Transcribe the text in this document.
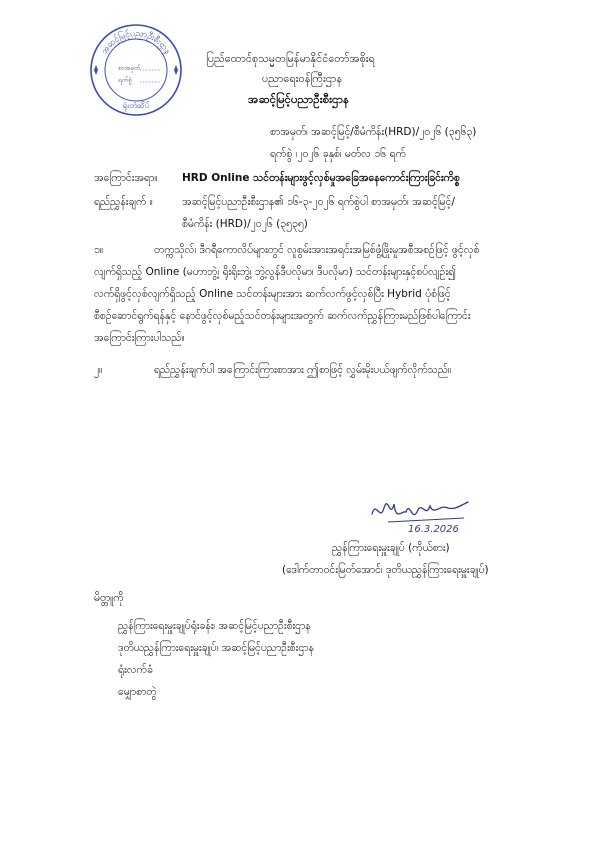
အဆင့်မြင့်ပညာဦးစီးဌာန
စာအမှတ်
ရက်စွဲ
ရုံးတံဆိပ်
ပြည်ထောင်စုသမ္မတမြန်မာနိုင်ငံတော်အစိုးရ
ပညာရေးဝန်ကြီးဌာန
အဆင့်မြင့်ပညာဦးစီးဌာန
စာအမှတ်၊ အဆင့်မြင့်/စီမံကိန်း(HRD)/၂၀၂၆ (၃၅၆၃)
ရက်စွဲ ၊၂၀၂၆ ခုနှစ်၊ မတ်လ ၁၆ ရက်
အကြောင်းအရာ။ HRD Online သင်တန်းများဖွင့်လှစ်မှုအခြေအနေကောင်းကြားခြင်းကိစ္စ
ရည်ညွှန်းချက် ။	အဆင့်မြင့်ပညာဦးစီးဌာန၏ ၁၆-၃-၂၀၂၆ ရက်စွဲပါ စာအမှတ်၊ အဆင့်မြင့်/
စီမံကိန်း (HRD)/၂၀၂၆ (၃၅၃၅)
၁။	တက္ကသိုလ်၊ ဒီဂရီကောလိပ်များတွင် လူစွမ်းအားအရင်းအမြစ်ဖွံ့ဖြိုးမှုအစီအစဉ်ဖြင့် ဖွင့်လှစ်
လျက်ရှိသည့် Online (မဟာဘွဲ့၊ ရိုးရိုးဘွဲ့၊ ဘွဲ့လွန်ဒီပလိုမာ၊ ဒီပလိုမာ) သင်တန်းများနှင့်စပ်လျဉ်း၍
လက်ရှိဖွင့်လှစ်လျက်ရှိသည့် Online သင်တန်းများအား ဆက်လက်ဖွင့်လှစ်ပြီး Hybrid ပုံစံဖြင့်
စီစဉ်ဆောင်ရွက်ရန်နှင့် နောင်ဖွင့်လှစ်မည့်သင်တန်းများအတွက် ဆက်လက်ညွှန်ကြားမည်ဖြစ်ပါကြောင်း
အကြောင်းကြားပါသည်။
၂။	ရည်ညွှန်းချက်ပါ အကြောင်းကြားစာအား ဤစာဖြင့် လွှမ်းမိုးပယ်ဖျက်လိုက်သည်။
16.3.2026
ညွှန်ကြားရေးမှူးချုပ် (ကိုယ်စား)
(ဒေါက်တာဝင်းမြတ်အောင်၊ ဒုတိယညွှန်ကြားရေးမှူးချုပ်)
မိတ္တူကို
ညွှန်ကြားရေးမှူးချုပ်ရုံးခန်း၊ အဆင့်မြင့်ပညာဦးစီးဌာန
ဒုတိယညွှန်ကြားရေးမှူးချုပ်၊ အဆင့်မြင့်ပညာဦးစီးဌာန
ရုံးလက်ခံ
မျှောစာတွဲ
